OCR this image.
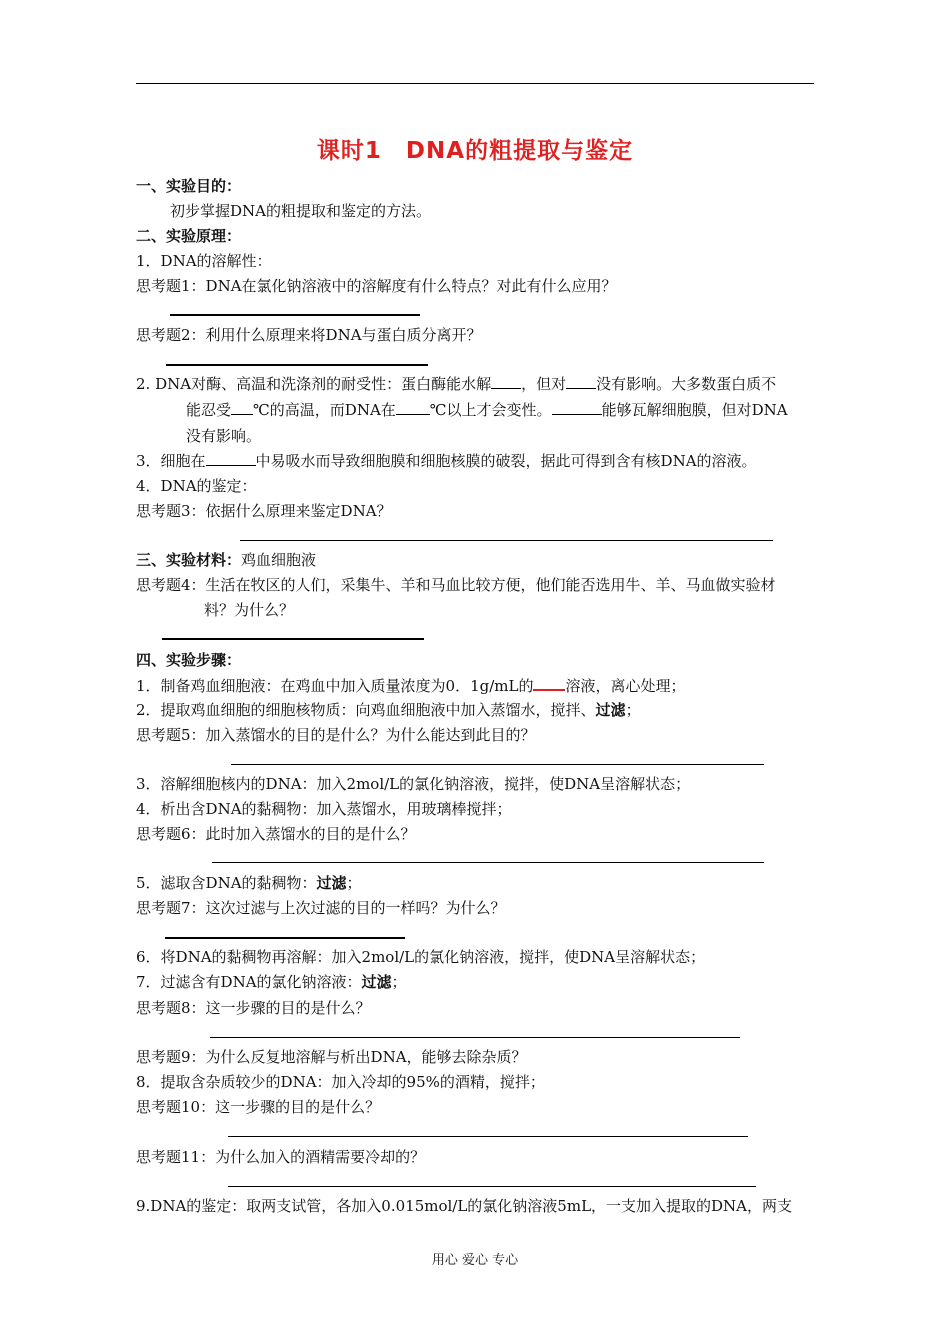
课时1　DNA的粗提取与鉴定
一、实验目的：
初步掌握DNA的粗提取和鉴定的方法。
二、实验原理：
1．DNA的溶解性：
思考题1：DNA在氯化钠溶液中的溶解度有什么特点？对此有什么应用？
思考题2：利用什么原理来将DNA与蛋白质分离开？
2. DNA对酶、高温和洗涤剂的耐受性：蛋白酶能水解 ，但对 没有影响。大多数蛋白质不
能忍受 ℃的高温，而DNA在 ℃以上才会变性。	能够瓦解细胞膜，但对DNA
没有影响。
3．细胞在	中易吸水而导致细胞膜和细胞核膜的破裂，据此可得到含有核DNA的溶液。
4．DNA的鉴定：
思考题3：依据什么原理来鉴定DNA？
三、实验材料：鸡血细胞液
思考题4：生活在牧区的人们，采集牛、羊和马血比较方便，他们能否选用牛、羊、马血做实验材
料？为什么？
四、实验步骤：
1．制备鸡血细胞液：在鸡血中加入质量浓度为0．1g/mL的 溶液，离心处理；
2．提取鸡血细胞的细胞核物质：向鸡血细胞液中加入蒸馏水，搅拌、过滤；
思考题5：加入蒸馏水的目的是什么？为什么能达到此目的？
3．溶解细胞核内的DNA：加入2mol/L的氯化钠溶液，搅拌，使DNA呈溶解状态；
4．析出含DNA的黏稠物：加入蒸馏水，用玻璃棒搅拌；
思考题6：此时加入蒸馏水的目的是什么？
5．滤取含DNA的黏稠物：过滤；
思考题7：这次过滤与上次过滤的目的一样吗？为什么？
6．将DNA的黏稠物再溶解：加入2mol/L的氯化钠溶液，搅拌，使DNA呈溶解状态；
7．过滤含有DNA的氯化钠溶液：过滤；
思考题8：这一步骤的目的是什么？
思考题9：为什么反复地溶解与析出DNA，能够去除杂质？
8．提取含杂质较少的DNA：加入冷却的95%的酒精，搅拌；
思考题10：这一步骤的目的是什么？
思考题11：为什么加入的酒精需要冷却的？
9.DNA的鉴定：取两支试管，各加入0.015mol/L的氯化钠溶液5mL，一支加入提取的DNA，两支
用心 爱心 专心
